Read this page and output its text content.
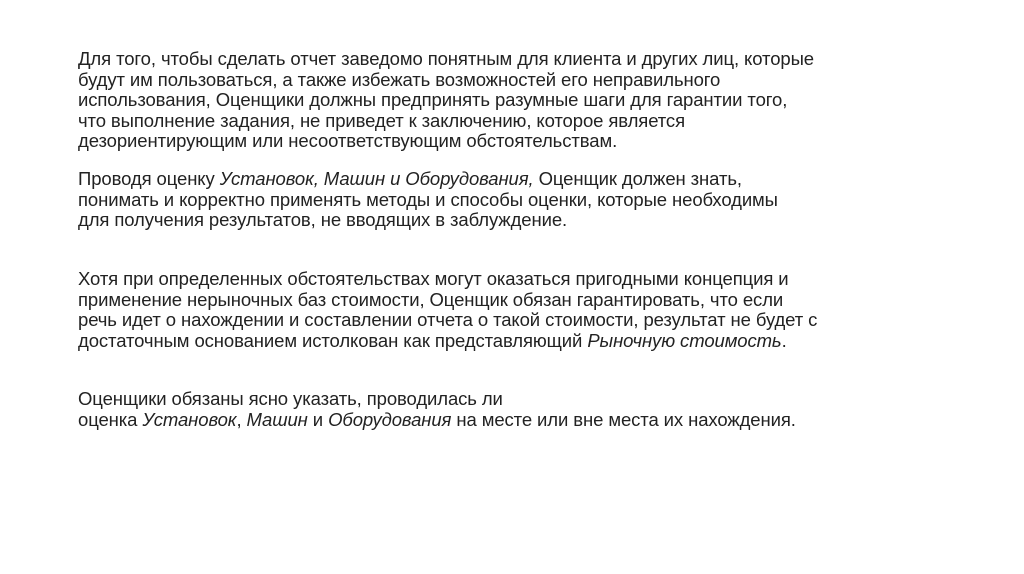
Для того, чтобы сделать отчет заведомо понятным для клиента и других лиц, которые
будут им пользоваться, а также избежать возможностей его неправильного
использования, Оценщики должны предпринять разумные шаги для гарантии того,
что выполнение задания, не приведет к заключению, которое является
дезориентирующим или несоответствующим обстоятельствам.
Проводя оценку Установок, Машин и Оборудования, Оценщик должен знать,
понимать и корректно применять методы и способы оценки, которые необходимы
для получения результатов, не вводящих в заблуждение.
Хотя при определенных обстоятельствах могут оказаться пригодными концепция и
применение нерыночных баз стоимости, Оценщик обязан гарантировать, что если
речь идет о нахождении и составлении отчета о такой стоимости, результат не будет с
достаточным основанием истолкован как представляющий Рыночную стоимость.
Оценщики обязаны ясно указать, проводилась ли
оценка Установок, Машин и Оборудования на месте или вне места их нахождения.
